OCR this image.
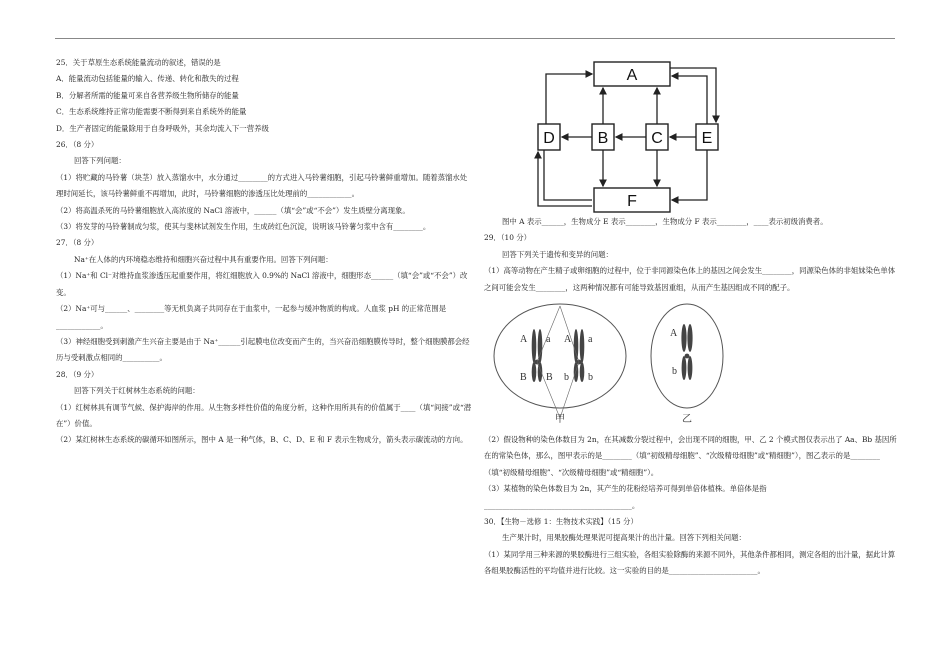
25．关于草原生态系统能量流动的叙述，错误的是

A．能量流动包括能量的输入、传递、转化和散失的过程

B．分解者所需的能量可来自各营养级生物所储存的能量

C．生态系统维持正常功能需要不断得到来自系统外的能量

D．生产者固定的能量除用于自身呼吸外，其余均流入下一营养级

26．（8 分）

回答下列问题：

（1）将贮藏的马铃薯（块茎）放入蒸馏水中，水分通过________的方式进入马铃薯细胞，引起马铃薯鲜重增加。随着蒸馏水处理时间延长，该马铃薯鲜重不再增加，此时，马铃薯细胞的渗透压比处理前的____________。

（2）将高温杀死的马铃薯细胞放入高浓度的 NaCl 溶液中，______（填“会”或“不会”）发生质壁分离现象。

（3）将发芽的马铃薯制成匀浆，使其与斐林试剂发生作用，生成砖红色沉淀，说明该马铃薯匀浆中含有________。

27．（8 分）

Na⁺在人体的内环境稳态维持和细胞兴奋过程中具有重要作用。回答下列问题：

（1）Na⁺和 Cl⁻对维持血浆渗透压起重要作用，将红细胞放入 0.9%的 NaCl 溶液中，细胞形态______（填“会”或“不会”）改变。

（2）Na⁺可与______、________等无机负离子共同存在于血浆中，一起参与缓冲物质的构成。人血浆 pH 的正常范围是____________。

（3）神经细胞受到刺激产生兴奋主要是由于 Na⁺______引起膜电位改变而产生的，当兴奋沿细胞膜传导时，整个细胞膜都会经历与受刺激点相同的__________。

28．（9 分）

回答下列关于红树林生态系统的问题：

（1）红树林具有调节气候、保护海岸的作用。从生物多样性价值的角度分析，这种作用所具有的价值属于____（填“间接”或“潜在”）价值。

（2）某红树林生态系统的碳循环如图所示，图中 A 是一种气体，B、C、D、E 和 F 表示生物成分，箭头表示碳流动的方向。

A
B	C
D	E
F

图中 A 表示______，生物成分 E 表示________，生物成分 F 表示________，____表示初级消费者。

29．（10 分）

回答下列关于遗传和变异的问题：

（1）高等动物在产生精子或卵细胞的过程中，位于非同源染色体上的基因之间会发生________，同源染色体的非姐妹染色单体之间可能会发生________，这两种情况都有可能导致基因重组，从而产生基因组成不同的配子。

A a A a
B B b b
A
b
甲	乙

（2）假设物种的染色体数目为 2n，在其减数分裂过程中，会出现不同的细胞，甲、乙 2 个模式图仅表示出了 Aa、Bb 基因所在的常染色体，那么，图甲表示的是________（填“初级精母细胞”、“次级精母细胞”或“精细胞”），图乙表示的是________（填“初级精母细胞”、“次级精母细胞”或“精细胞”）。

（3）某植物的染色体数目为 2n，其产生的花粉经培养可得到单倍体植株。单倍体是指________________________________________。

30．【生物－选修 1：生物技术实践】（15 分）

生产果汁时，用果胶酶处理果泥可提高果汁的出汁量。回答下列相关问题：

（1）某同学用三种来源的果胶酶进行三组实验，各组实验除酶的来源不同外，其他条件都相同，测定各组的出汁量，据此计算各组果胶酶活性的平均值并进行比较。这一实验的目的是________________________。
